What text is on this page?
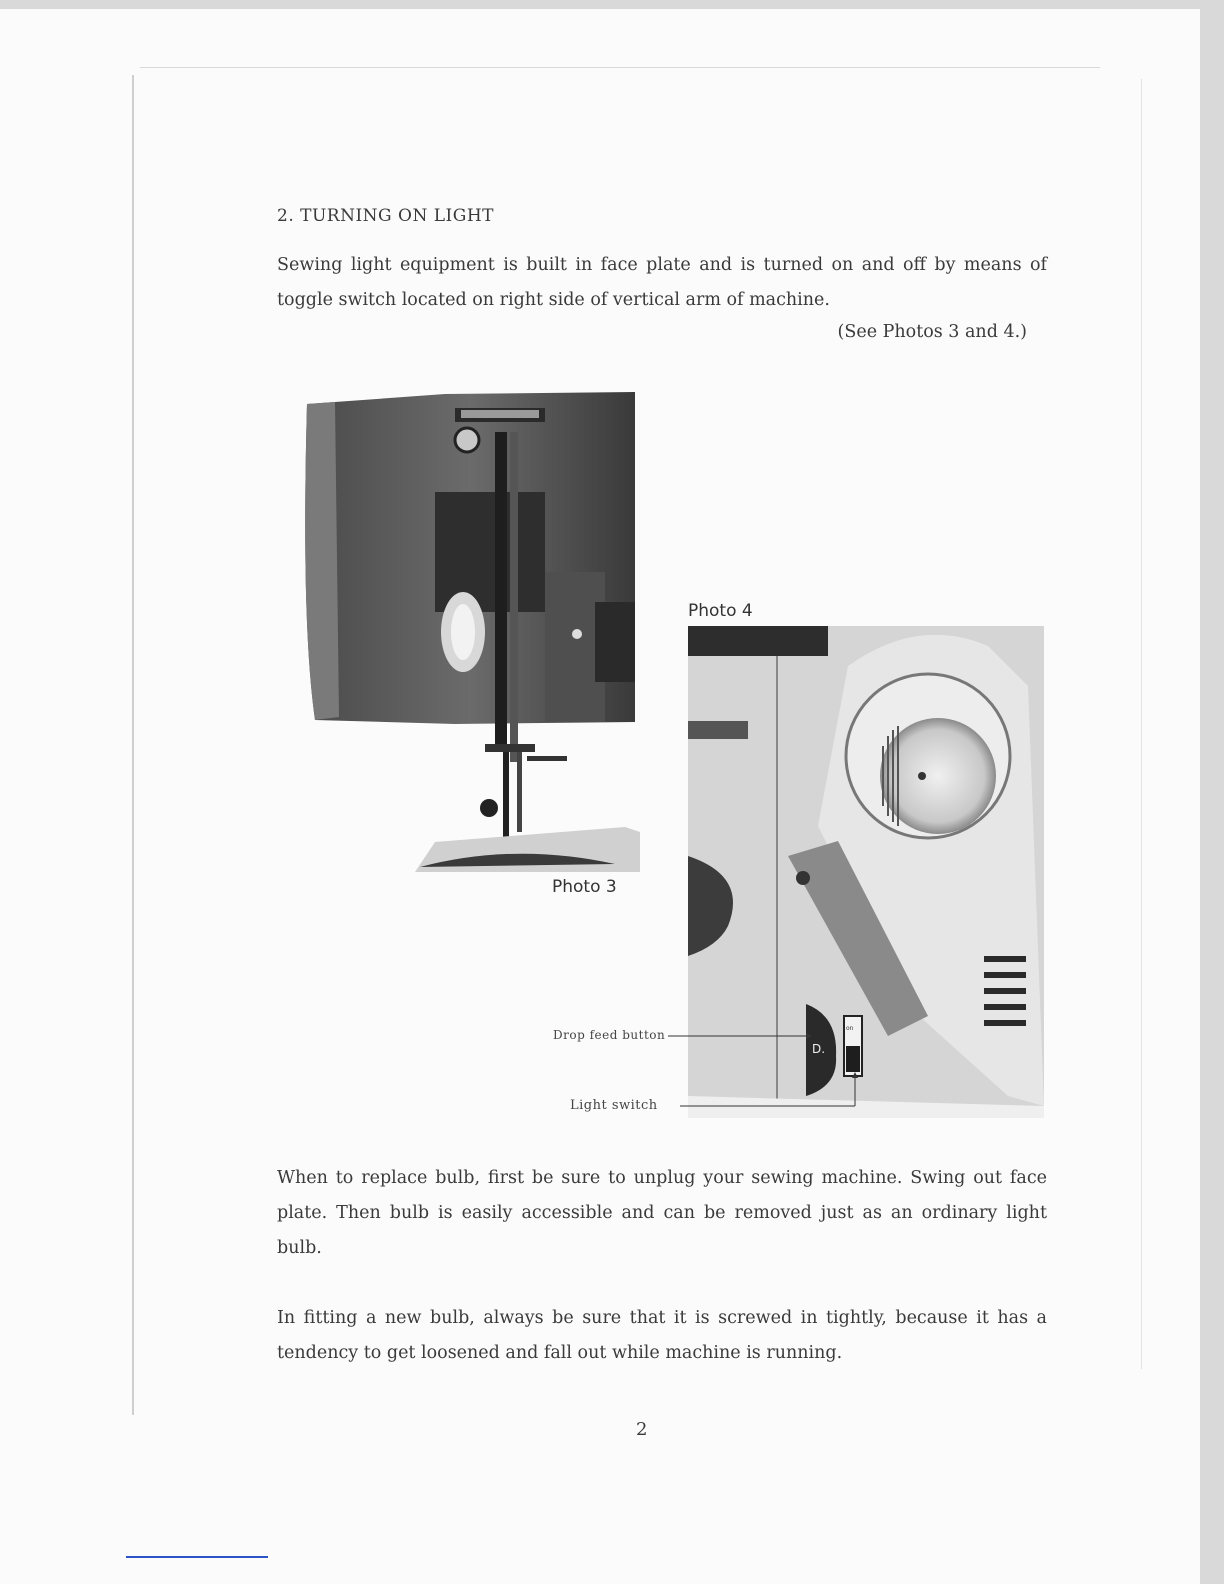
2. TURNING ON LIGHT
Sewing light equipment is built in face plate and is turned on and off by means of toggle switch located on right side of vertical arm of machine.
(See Photos 3 and 4.)
Photo 3
Photo 4
D.
on
Drop feed button
Light switch
When to replace bulb, first be sure to unplug your sewing machine. Swing out face plate. Then bulb is easily accessible and can be removed just as an ordinary light bulb.
In fitting a new bulb, always be sure that it is screwed in tightly, because it has a tendency to get loosened and fall out while machine is running.
2
